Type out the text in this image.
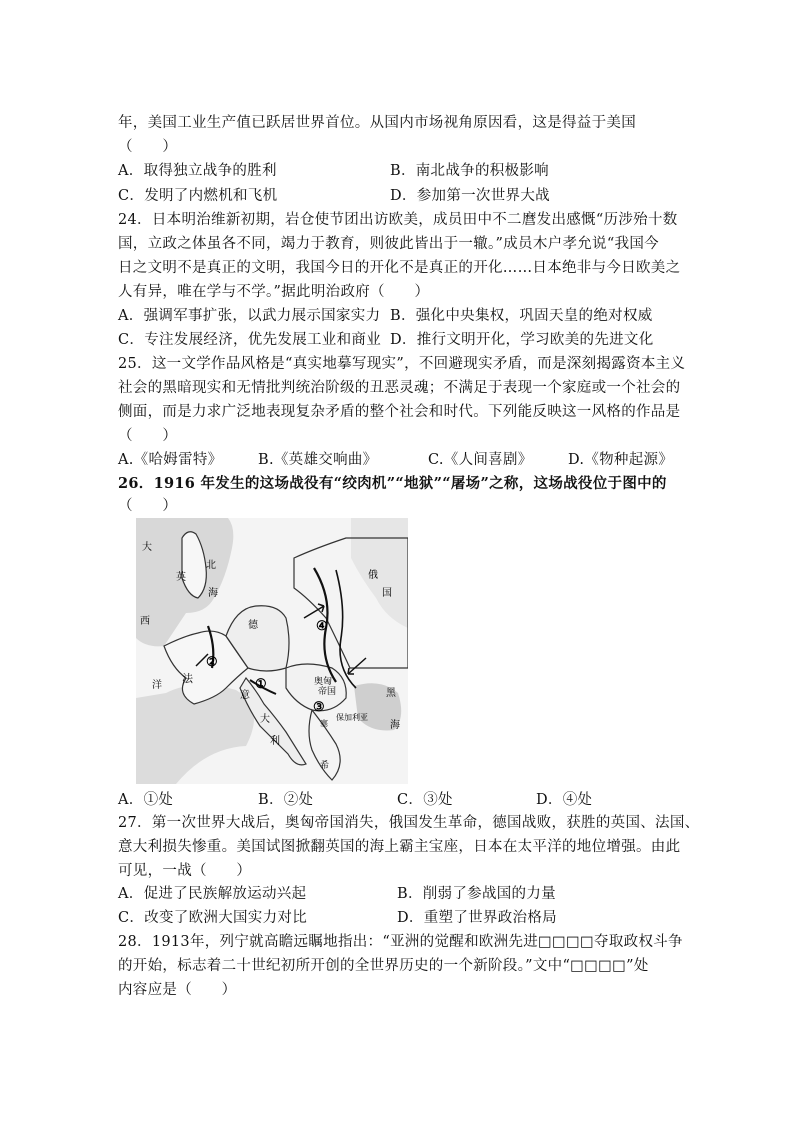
年，美国工业生产值已跃居世界首位。从国内市场视角原因看，这是得益于美国
（　　）
A．取得独立战争的胜利	B．南北战争的积极影响
C．发明了内燃机和飞机	D．参加第一次世界大战
24．日本明治维新初期，岩仓使节团出访欧美，成员田中不二麿发出感慨“历涉殆十数
国，立政之体虽各不同，竭力于教育，则彼此皆出于一辙。”成员木户孝允说“我国今
日之文明不是真正的文明，我国今日的开化不是真正的开化……日本绝非与今日欧美之
人有异，唯在学与不学。”据此明治政府（　　）
A．强调军事扩张，以武力展示国家实力 B．强化中央集权，巩固天皇的绝对权威
C．专注发展经济，优先发展工业和商业 D．推行文明开化，学习欧美的先进文化
25．这一文学作品风格是“真实地摹写现实”，不回避现实矛盾，而是深刻揭露资本主义
社会的黑暗现实和无情批判统治阶级的丑恶灵魂；不满足于表现一个家庭或一个社会的
侧面，而是力求广泛地表现复杂矛盾的整个社会和时代。下列能反映这一风格的作品是
（　　）
A.《哈姆雷特》 B.《英雄交响曲》	C.《人间喜剧》 D.《物种起源》
26．1916 年发生的这场战役有“绞肉机”“地狱”“屠场”之称，这场战役位于图中的
（　　）
大
北
英
海
俄
国
西	德
法
洋	奥匈
帝国	黑
意
大
利
海
保加利亚
塞
希
①
②
③
④
A．①处	B．②处	C．③处	D．④处
27．第一次世界大战后，奥匈帝国消失，俄国发生革命，德国战败，获胜的英国、法国、
意大利损失惨重。美国试图掀翻英国的海上霸主宝座，日本在太平洋的地位增强。由此
可见，一战（　　）
A．促进了民族解放运动兴起	B．削弱了参战国的力量
C．改变了欧洲大国实力对比	D．重塑了世界政治格局
28．1913年，列宁就高瞻远瞩地指出：“亚洲的觉醒和欧洲先进□□□□夺取政权斗争
的开始，标志着二十世纪初所开创的全世界历史的一个新阶段。”文中“□□□□”处
内容应是（　　）
